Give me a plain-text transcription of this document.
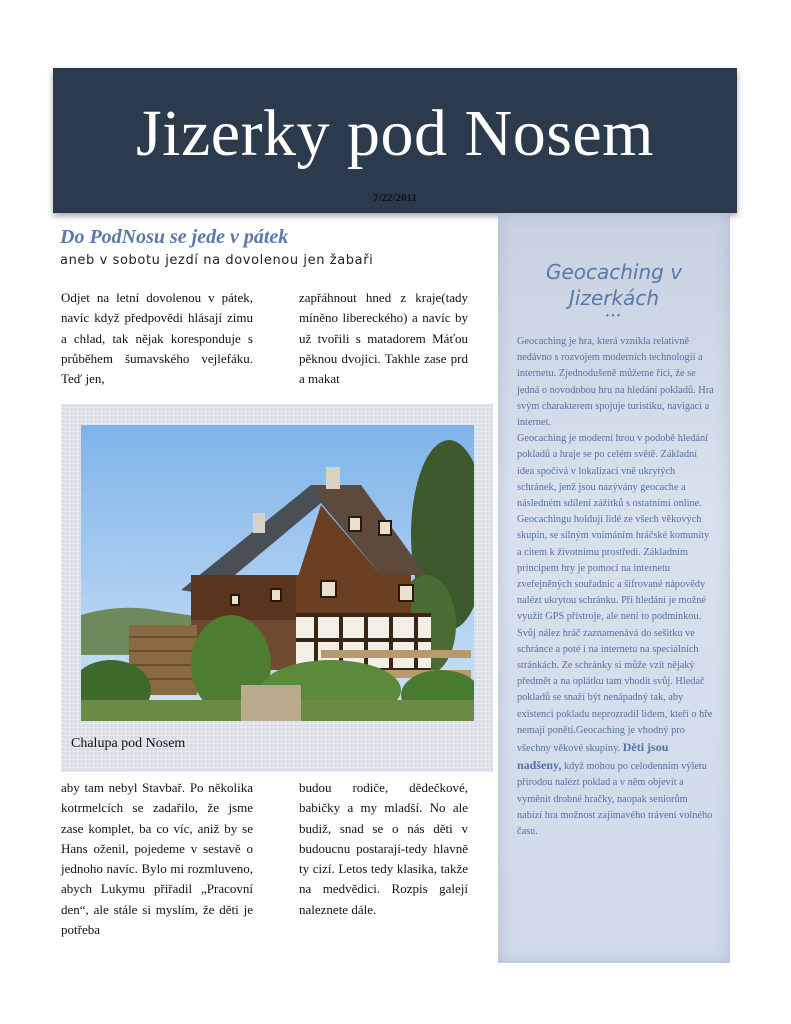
Jizerky pod Nosem
7/22/2011
Do PodNosu se jede v pátek

aneb v sobotu jezdí na dovolenou jen žabaři

Odjet na letní dovolenou v pátek, navíc když předpovědi hlásají zimu a chlad, tak nějak koresponduje s průběhem šumavského vejlefáku. Teď jen,

zapřáhnout hned z kraje(tady míněno libereckého) a navíc by už tvořili s matadorem Máťou pěknou dvojici. Takhle zase prd a makat

Chalupa pod Nosem

aby tam nebyl Stavbař. Po několika kotrmelcích se zadařilo, že jsme zase komplet, ba co víc, aniž by se Hans oženil, pojedeme v sestavě o jednoho navíc. Bylo mi rozmluveno, abych Lukymu přiřadil „Pracovní den“, ale stále si myslím, že děti je potřeba

budou rodiče, dědečkové, babičky a my mladší. No ale budiž, snad se o nás děti v budoucnu postarají-tedy hlavně ty cizí. Letos tedy klasika, takže na medvědici. Rozpis galejí naleznete dále.

Geocaching v Jizerkách
•••

Geocaching je hra, která vznikla relativně nedávno s rozvojem moderních technologií a internetu. Zjednodušeně můžeme říci, že se jedná o novodobou hru na hledání pokladů. Hra svým charakterem spojuje turistiku, navigaci a internet.

Geocaching je moderní hrou v podobě hledání pokladů a hraje se po celém světě. Základní idea spočívá v lokalizaci vně ukrytých schránek, jenž jsou nazývány geocache a následném sdílení zážitků s ostatními online. Geocachingu holdují lidé ze všech věkových skupin, se silným vnímáním hráčské komunity a citem k životnímu prostředí. Základním principem hry je pomocí na internetu zveřejněných souřadnic a šifrované nápovědy nalézt ukrytou schránku. Při hledání je možné využít GPS přístroje, ale není to podmínkou. Svůj nález hráč zaznamenává do sešitku ve schránce a poté i na internetu na speciálních stránkách. Ze schránky si může vzít nějaký předmět a na oplátku tam vhodit svůj. Hledač pokladů se snaží být nenápadný tak, aby existenci pokladu neprozradil lidem, kteří o hře nemají ponětí.Geocaching je vhodný pro všechny věkové skupiny. Děti jsou nadšeny, když mohou po celodenním výletu přírodou nalézt poklad a v něm objevit a vyměnit drobné hračky, naopak seniorům nabízí hra možnost zajímavého trávení volného času.
